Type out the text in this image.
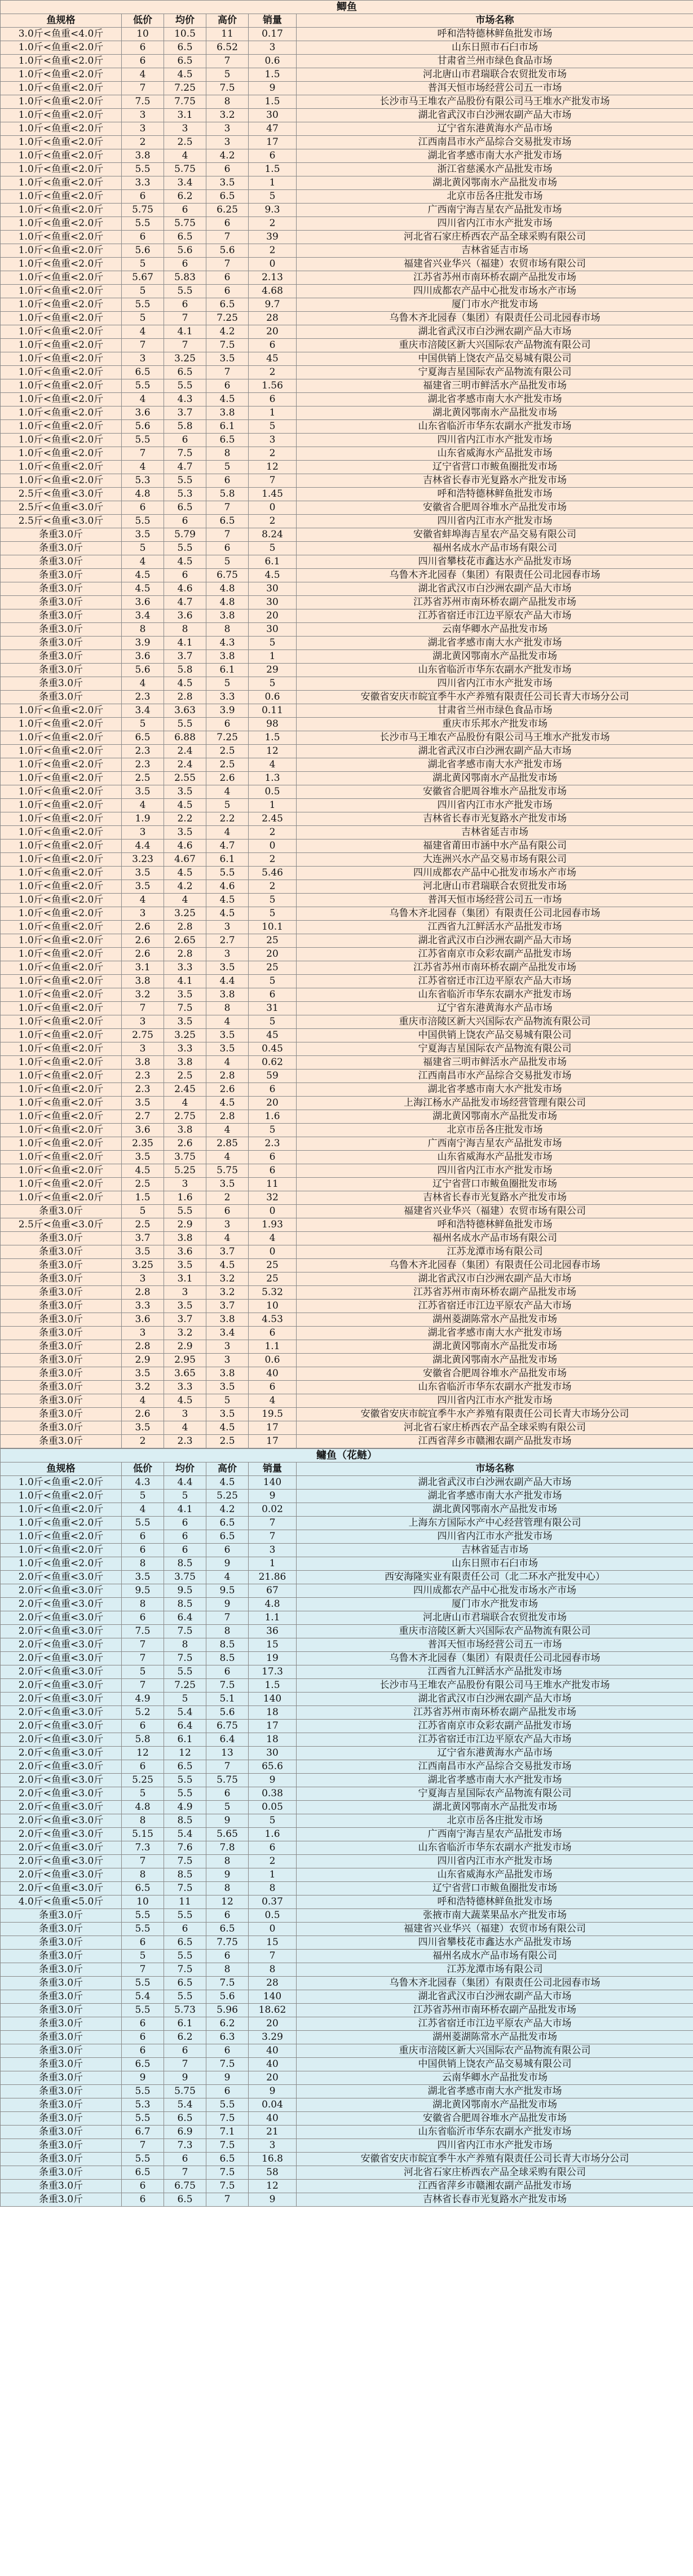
鲫鱼					
鱼规格	低价	均价	高价	销量	市场名称
3.0斤<鱼重<4.0斤	10	10.5	11	0.17	呼和浩特德林鲜鱼批发市场
1.0斤<鱼重<2.0斤	6	6.5	6.52	3	山东日照市石臼市场
1.0斤<鱼重<2.0斤	6	6.5	7	0.6	甘肃省兰州市绿色食品市场
1.0斤<鱼重<2.0斤	4	4.5	5	1.5	河北唐山市君瑞联合农贸批发市场
1.0斤<鱼重<2.0斤	7	7.25	7.5	9	普洱天恒市场经营公司五一市场
1.0斤<鱼重<2.0斤	7.5	7.75	8	1.5	长沙市马王堆农产品股份有限公司马王堆水产批发市场
1.0斤<鱼重<2.0斤	3	3.1	3.2	30	湖北省武汉市白沙洲农副产品大市场
1.0斤<鱼重<2.0斤	3	3	3	47	辽宁省东港黄海水产品市场
1.0斤<鱼重<2.0斤	2	2.5	3	17	江西南昌市水产品综合交易批发市场
1.0斤<鱼重<2.0斤	3.8	4	4.2	6	湖北省孝感市南大水产批发市场
1.0斤<鱼重<2.0斤	5.5	5.75	6	1.5	浙江省慈溪水产品批发市场
1.0斤<鱼重<2.0斤	3.3	3.4	3.5	1	湖北黄冈鄂南水产品批发市场
1.0斤<鱼重<2.0斤	6	6.2	6.5	5	北京市岳各庄批发市场
1.0斤<鱼重<2.0斤	5.75	6	6.25	9.3	广西南宁海吉星农产品批发市场
1.0斤<鱼重<2.0斤	5.5	5.75	6	2	四川省内江市水产批发市场
1.0斤<鱼重<2.0斤	6	6.5	7	39	河北省石家庄桥西农产品全球采购有限公司
1.0斤<鱼重<2.0斤	5.6	5.6	5.6	2	吉林省延吉市场
1.0斤<鱼重<2.0斤	5	6	7	0	福建省兴业华兴（福建）农贸市场有限公司
1.0斤<鱼重<2.0斤	5.67	5.83	6	2.13	江苏省苏州市南环桥农副产品批发市场
1.0斤<鱼重<2.0斤	5	5.5	6	4.68	四川成都农产品中心批发市场水产市场
1.0斤<鱼重<2.0斤	5.5	6	6.5	9.7	厦门市水产批发市场
1.0斤<鱼重<2.0斤	5	7	7.25	28	乌鲁木齐北园春（集团）有限责任公司北园春市场
1.0斤<鱼重<2.0斤	4	4.1	4.2	20	湖北省武汉市白沙洲农副产品大市场
1.0斤<鱼重<2.0斤	7	7	7.5	6	重庆市涪陵区新大兴国际农产品物流有限公司
1.0斤<鱼重<2.0斤	3	3.25	3.5	45	中国供销上饶农产品交易城有限公司
1.0斤<鱼重<2.0斤	6.5	6.5	7	2	宁夏海吉星国际农产品物流有限公司
1.0斤<鱼重<2.0斤	5.5	5.5	6	1.56	福建省三明市鲜活水产品批发市场
1.0斤<鱼重<2.0斤	4	4.3	4.5	6	湖北省孝感市南大水产批发市场
1.0斤<鱼重<2.0斤	3.6	3.7	3.8	1	湖北黄冈鄂南水产品批发市场
1.0斤<鱼重<2.0斤	5.6	5.8	6.1	5	山东省临沂市华东农副水产批发市场
1.0斤<鱼重<2.0斤	5.5	6	6.5	3	四川省内江市水产批发市场
1.0斤<鱼重<2.0斤	7	7.5	8	2	山东省威海水产品批发市场
1.0斤<鱼重<2.0斤	4	4.7	5	12	辽宁省营口市鲅鱼圈批发市场
1.0斤<鱼重<2.0斤	5.3	5.5	6	7	吉林省长春市光复路水产批发市场
2.5斤<鱼重<3.0斤	4.8	5.3	5.8	1.45	呼和浩特德林鲜鱼批发市场
2.5斤<鱼重<3.0斤	6	6.5	7	0	安徽省合肥周谷堆水产品批发市场
2.5斤<鱼重<3.0斤	5.5	6	6.5	2	四川省内江市水产批发市场
条重3.0斤	3.5	5.79	7	8.24	安徽省蚌埠海吉星农产品交易有限公司
条重3.0斤	5	5.5	6	5	福州名成水产品市场有限公司
条重3.0斤	4	4.5	5	6.1	四川省攀枝花市鑫达水产品批发市场
条重3.0斤	4.5	6	6.75	4.5	乌鲁木齐北园春（集团）有限责任公司北园春市场
条重3.0斤	4.5	4.6	4.8	30	湖北省武汉市白沙洲农副产品大市场
条重3.0斤	3.6	4.7	4.8	30	江苏省苏州市南环桥农副产品批发市场
条重3.0斤	3.4	3.6	3.8	20	江苏省宿迁市江边平原农产品大市场
条重3.0斤	8	8	8	30	云南华卿水产品批发市场
条重3.0斤	3.9	4.1	4.3	5	湖北省孝感市南大水产批发市场
条重3.0斤	3.6	3.7	3.8	1	湖北黄冈鄂南水产品批发市场
条重3.0斤	5.6	5.8	6.1	29	山东省临沂市华东农副水产批发市场
条重3.0斤	4	4.5	5	5	四川省内江市水产批发市场
条重3.0斤	2.3	2.8	3.3	0.6	安徽省安庆市皖宜季牛水产养殖有限责任公司长青大市场分公司
1.0斤<鱼重<2.0斤	3.4	3.63	3.9	0.11	甘肃省兰州市绿色食品市场
1.0斤<鱼重<2.0斤	5	5.5	6	98	重庆市乐邦水产批发市场
1.0斤<鱼重<2.0斤	6.5	6.88	7.25	1.5	长沙市马王堆农产品股份有限公司马王堆水产批发市场
1.0斤<鱼重<2.0斤	2.3	2.4	2.5	12	湖北省武汉市白沙洲农副产品大市场
1.0斤<鱼重<2.0斤	2.3	2.4	2.5	4	湖北省孝感市南大水产批发市场
1.0斤<鱼重<2.0斤	2.5	2.55	2.6	1.3	湖北黄冈鄂南水产品批发市场
1.0斤<鱼重<2.0斤	3.5	3.5	4	0.5	安徽省合肥周谷堆水产品批发市场
1.0斤<鱼重<2.0斤	4	4.5	5	1	四川省内江市水产批发市场
1.0斤<鱼重<2.0斤	1.9	2.2	2.2	2.45	吉林省长春市光复路水产批发市场
1.0斤<鱼重<2.0斤	3	3.5	4	2	吉林省延吉市场
1.0斤<鱼重<2.0斤	4.4	4.6	4.7	0	福建省莆田市涵中水产品有限公司
1.0斤<鱼重<2.0斤	3.23	4.67	6.1	2	大连洲兴水产品交易市场有限公司
1.0斤<鱼重<2.0斤	3.5	4.5	5.5	5.46	四川成都农产品中心批发市场水产市场
1.0斤<鱼重<2.0斤	3.5	4.2	4.6	2	河北唐山市君瑞联合农贸批发市场
1.0斤<鱼重<2.0斤	4	4	4.5	5	普洱天恒市场经营公司五一市场
1.0斤<鱼重<2.0斤	3	3.25	4.5	5	乌鲁木齐北园春（集团）有限责任公司北园春市场
1.0斤<鱼重<2.0斤	2.6	2.8	3	10.1	江西省九江鲜活水产品批发市场
1.0斤<鱼重<2.0斤	2.6	2.65	2.7	25	湖北省武汉市白沙洲农副产品大市场
1.0斤<鱼重<2.0斤	2.6	2.8	3	20	江苏省南京市众彩农副产品批发市场
1.0斤<鱼重<2.0斤	3.1	3.3	3.5	25	江苏省苏州市南环桥农副产品批发市场
1.0斤<鱼重<2.0斤	3.8	4.1	4.4	5	江苏省宿迁市江边平原农产品大市场
1.0斤<鱼重<2.0斤	3.2	3.5	3.8	6	山东省临沂市华东农副水产批发市场
1.0斤<鱼重<2.0斤	7	7.5	8	31	辽宁省东港黄海水产品市场
1.0斤<鱼重<2.0斤	3	3.5	4	5	重庆市涪陵区新大兴国际农产品物流有限公司
1.0斤<鱼重<2.0斤	2.75	3.25	3.5	45	中国供销上饶农产品交易城有限公司
1.0斤<鱼重<2.0斤	3	3.3	3.5	0.45	宁夏海吉星国际农产品物流有限公司
1.0斤<鱼重<2.0斤	3.8	3.8	4	0.62	福建省三明市鲜活水产品批发市场
1.0斤<鱼重<2.0斤	2.3	2.5	2.8	59	江西南昌市水产品综合交易批发市场
1.0斤<鱼重<2.0斤	2.3	2.45	2.6	6	湖北省孝感市南大水产批发市场
1.0斤<鱼重<2.0斤	3.5	4	4.5	20	上海江杨水产品批发市场经营管理有限公司
1.0斤<鱼重<2.0斤	2.7	2.75	2.8	1.6	湖北黄冈鄂南水产品批发市场
1.0斤<鱼重<2.0斤	3.6	3.8	4	5	北京市岳各庄批发市场
1.0斤<鱼重<2.0斤	2.35	2.6	2.85	2.3	广西南宁海吉星农产品批发市场
1.0斤<鱼重<2.0斤	3.5	3.75	4	6	山东省威海水产品批发市场
1.0斤<鱼重<2.0斤	4.5	5.25	5.75	6	四川省内江市水产批发市场
1.0斤<鱼重<2.0斤	2.5	3	3.5	11	辽宁省营口市鲅鱼圈批发市场
1.0斤<鱼重<2.0斤	1.5	1.6	2	32	吉林省长春市光复路水产批发市场
条重3.0斤	5	5.5	6	0	福建省兴业华兴（福建）农贸市场有限公司
2.5斤<鱼重<3.0斤	2.5	2.9	3	1.93	呼和浩特德林鲜鱼批发市场
条重3.0斤	3.7	3.8	4	4	福州名成水产品市场有限公司
条重3.0斤	3.5	3.6	3.7	0	江苏龙潭市场有限公司
条重3.0斤	3.25	3.5	4.5	25	乌鲁木齐北园春（集团）有限责任公司北园春市场
条重3.0斤	3	3.1	3.2	25	湖北省武汉市白沙洲农副产品大市场
条重3.0斤	2.8	3	3.2	5.32	江苏省苏州市南环桥农副产品批发市场
条重3.0斤	3.3	3.5	3.7	10	江苏省宿迁市江边平原农产品大市场
条重3.0斤	3.6	3.7	3.8	4.53	湖州菱湖陈常水产品批发市场
条重3.0斤	3	3.2	3.4	6	湖北省孝感市南大水产批发市场
条重3.0斤	2.8	2.9	3	1.1	湖北黄冈鄂南水产品批发市场
条重3.0斤	2.9	2.95	3	0.6	湖北黄冈鄂南水产品批发市场
条重3.0斤	3.5	3.65	3.8	40	安徽省合肥周谷堆水产品批发市场
条重3.0斤	3.2	3.3	3.5	6	山东省临沂市华东农副水产批发市场
条重3.0斤	4	4.5	5	4	四川省内江市水产批发市场
条重3.0斤	2.6	3	3.5	19.5	安徽省安庆市皖宜季牛水产养殖有限责任公司长青大市场分公司
条重3.0斤	3.5	4	4.5	17	河北省石家庄桥西农产品全球采购有限公司
条重3.0斤	2	2.3	2.5	17	江西省萍乡市赣湘农副产品批发市场
鳙鱼（花鲢）					
鱼规格	低价	均价	高价	销量	市场名称
1.0斤<鱼重<2.0斤	4.3	4.4	4.5	140	湖北省武汉市白沙洲农副产品大市场
1.0斤<鱼重<2.0斤	5	5	5.25	9	湖北省孝感市南大水产批发市场
1.0斤<鱼重<2.0斤	4	4.1	4.2	0.02	湖北黄冈鄂南水产品批发市场
1.0斤<鱼重<2.0斤	5.5	6	6.5	7	上海东方国际水产中心经营管理有限公司
1.0斤<鱼重<2.0斤	6	6	6.5	7	四川省内江市水产批发市场
1.0斤<鱼重<2.0斤	6	6	6	3	吉林省延吉市场
1.0斤<鱼重<2.0斤	8	8.5	9	1	山东日照市石臼市场
2.0斤<鱼重<3.0斤	3.5	3.75	4	21.86	西安海隆实业有限责任公司（北二环水产批发中心）
2.0斤<鱼重<3.0斤	9.5	9.5	9.5	67	四川成都农产品中心批发市场水产市场
2.0斤<鱼重<3.0斤	8	8.5	9	4.8	厦门市水产批发市场
2.0斤<鱼重<3.0斤	6	6.4	7	1.1	河北唐山市君瑞联合农贸批发市场
2.0斤<鱼重<3.0斤	7.5	7.5	8	36	重庆市涪陵区新大兴国际农产品物流有限公司
2.0斤<鱼重<3.0斤	7	8	8.5	15	普洱天恒市场经营公司五一市场
2.0斤<鱼重<3.0斤	7	7.5	8.5	19	乌鲁木齐北园春（集团）有限责任公司北园春市场
2.0斤<鱼重<3.0斤	5	5.5	6	17.3	江西省九江鲜活水产品批发市场
2.0斤<鱼重<3.0斤	7	7.25	7.5	1.5	长沙市马王堆农产品股份有限公司马王堆水产批发市场
2.0斤<鱼重<3.0斤	4.9	5	5.1	140	湖北省武汉市白沙洲农副产品大市场
2.0斤<鱼重<3.0斤	5.2	5.4	5.6	18	江苏省苏州市南环桥农副产品批发市场
2.0斤<鱼重<3.0斤	6	6.4	6.75	17	江苏省南京市众彩农副产品批发市场
2.0斤<鱼重<3.0斤	5.8	6.1	6.4	18	江苏省宿迁市江边平原农产品大市场
2.0斤<鱼重<3.0斤	12	12	13	30	辽宁省东港黄海水产品市场
2.0斤<鱼重<3.0斤	6	6.5	7	65.6	江西南昌市水产品综合交易批发市场
2.0斤<鱼重<3.0斤	5.25	5.5	5.75	9	湖北省孝感市南大水产批发市场
2.0斤<鱼重<3.0斤	5	5.5	6	0.38	宁夏海吉星国际农产品物流有限公司
2.0斤<鱼重<3.0斤	4.8	4.9	5	0.05	湖北黄冈鄂南水产品批发市场
2.0斤<鱼重<3.0斤	8	8.5	9	5	北京市岳各庄批发市场
2.0斤<鱼重<3.0斤	5.15	5.4	5.65	1.6	广西南宁海吉星农产品批发市场
2.0斤<鱼重<3.0斤	7.3	7.6	7.8	6	山东省临沂市华东农副水产批发市场
2.0斤<鱼重<3.0斤	7	7.5	8	2	四川省内江市水产批发市场
2.0斤<鱼重<3.0斤	8	8.5	9	1	山东省威海水产品批发市场
2.0斤<鱼重<3.0斤	6.5	7.5	8	8	辽宁省营口市鲅鱼圈批发市场
4.0斤<鱼重<5.0斤	10	11	12	0.37	呼和浩特德林鲜鱼批发市场
条重3.0斤	5.5	5.5	6	0.5	张掖市南大蔬菜果品水产批发市场
条重3.0斤	5.5	6	6.5	0	福建省兴业华兴（福建）农贸市场有限公司
条重3.0斤	6	6.5	7.75	15	四川省攀枝花市鑫达水产品批发市场
条重3.0斤	5	5.5	6	7	福州名成水产品市场有限公司
条重3.0斤	7	7.5	8	8	江苏龙潭市场有限公司
条重3.0斤	5.5	6.5	7.5	28	乌鲁木齐北园春（集团）有限责任公司北园春市场
条重3.0斤	5.4	5.5	5.6	140	湖北省武汉市白沙洲农副产品大市场
条重3.0斤	5.5	5.73	5.96	18.62	江苏省苏州市南环桥农副产品批发市场
条重3.0斤	6	6.1	6.2	20	江苏省宿迁市江边平原农产品大市场
条重3.0斤	6	6.2	6.3	3.29	湖州菱湖陈常水产品批发市场
条重3.0斤	6	6	6	40	重庆市涪陵区新大兴国际农产品物流有限公司
条重3.0斤	6.5	7	7.5	40	中国供销上饶农产品交易城有限公司
条重3.0斤	9	9	9	20	云南华卿水产品批发市场
条重3.0斤	5.5	5.75	6	9	湖北省孝感市南大水产批发市场
条重3.0斤	5.3	5.4	5.5	0.04	湖北黄冈鄂南水产品批发市场
条重3.0斤	5.5	6.5	7.5	40	安徽省合肥周谷堆水产品批发市场
条重3.0斤	6.7	6.9	7.1	21	山东省临沂市华东农副水产批发市场
条重3.0斤	7	7.3	7.5	3	四川省内江市水产批发市场
条重3.0斤	5.5	6	6.5	16.8	安徽省安庆市皖宜季牛水产养殖有限责任公司长青大市场分公司
条重3.0斤	6.5	7	7.5	58	河北省石家庄桥西农产品全球采购有限公司
条重3.0斤	6	6.75	7.5	12	江西省萍乡市赣湘农副产品批发市场
条重3.0斤	6	6.5	7	9	吉林省长春市光复路水产批发市场
